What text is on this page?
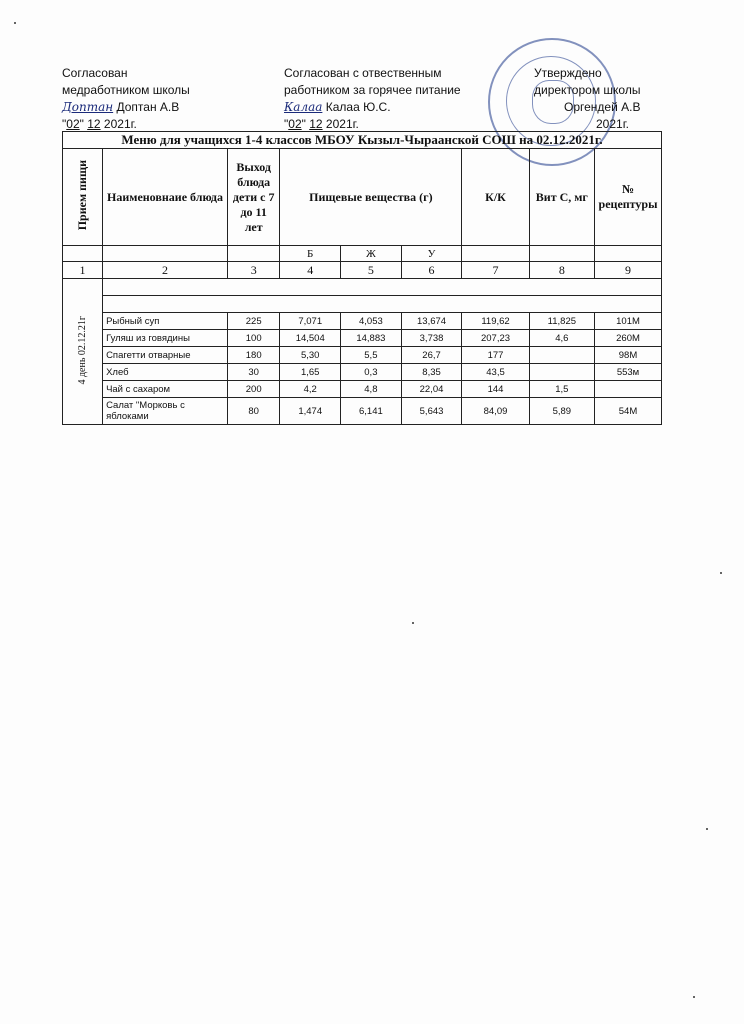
Согласован
медработником школы
Доптан Доптан А.В
"02" 12 2021г.
Согласован с отвественным
работником за горячее питание
Калаа Калаа Ю.С.
"02" 12 2021г.
Утверждено
директором школы
Оргендей А.В
2021г.
Меню для учащихся 1-4 классов МБОУ Кызыл-Чыраанской СОШ на 02.12.2021г.								
Прием пищи	Наименовнаие блюда	Выход блюда дети с 7 до 11 лет	Пищевые вещества (г)			К/К	Вит С, мг	№ рецептуры
			Б	Ж	У			
1	2	3	4	5	6	7	8	9
4 день 02.12.21г								

	Рыбный суп	225	7,071	4,053	13,674	119,62	11,825	101М
	Гуляш из говядины	100	14,504	14,883	3,738	207,23	4,6	260М
	Спагетти отварные	180	5,30	5,5	26,7	177		98М
	Хлеб	30	1,65	0,3	8,35	43,5		553м
	Чай с сахаром	200	4,2	4,8	22,04	144	1,5	
	Салат "Морковь с яблоками	80	1,474	6,141	5,643	84,09	5,89	54М
